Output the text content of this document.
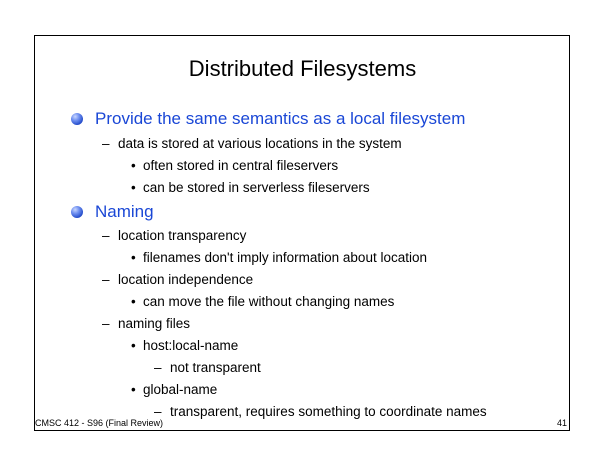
Distributed Filesystems
Provide the same semantics as a local filesystem
– data is stored at various locations in the system
• often stored in central fileservers
• can be stored in serverless fileservers
Naming
– location transparency
• filenames don't imply information about location
– location independence
• can move the file without changing names
– naming files
• host:local-name
– not transparent
• global-name
– transparent, requires something to coordinate names
CMSC 412 - S96 (Final Review)	41
